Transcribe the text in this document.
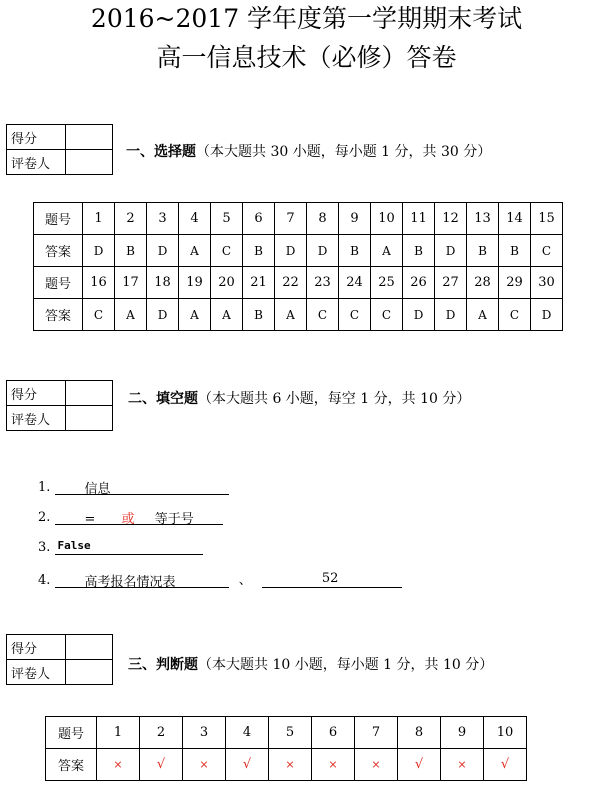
2016~2017 学年度第一学期期末考试
高一信息技术（必修）答卷
得分	
评卷人	
一、选择题（本大题共 30 小题，每小题 1 分，共 30 分）
题号	1	2	3	4	5	6	7	8	9	10	11	12	13	14	15
答案	D	B	D	A	C	B	D	D	B	A	B	D	B	B	C
题号	16	17	18	19	20	21	22	23	24	25	26	27	28	29	30
答案	C	A	D	A	A	B	A	C	C	C	D	D	A	C	D
得分	
评卷人	
二、填空题（本大题共 6 小题，每空 1 分，共 10 分）
1.	信息
2.	= 或 等于号
3. False
4.	高考报名情况表	、	52
得分	
评卷人	
三、判断题（本大题共 10 小题，每小题 1 分，共 10 分）
题号	1	2	3	4	5	6	7	8	9	10
答案	×	√	×	√	×	×	×	√	×	√
